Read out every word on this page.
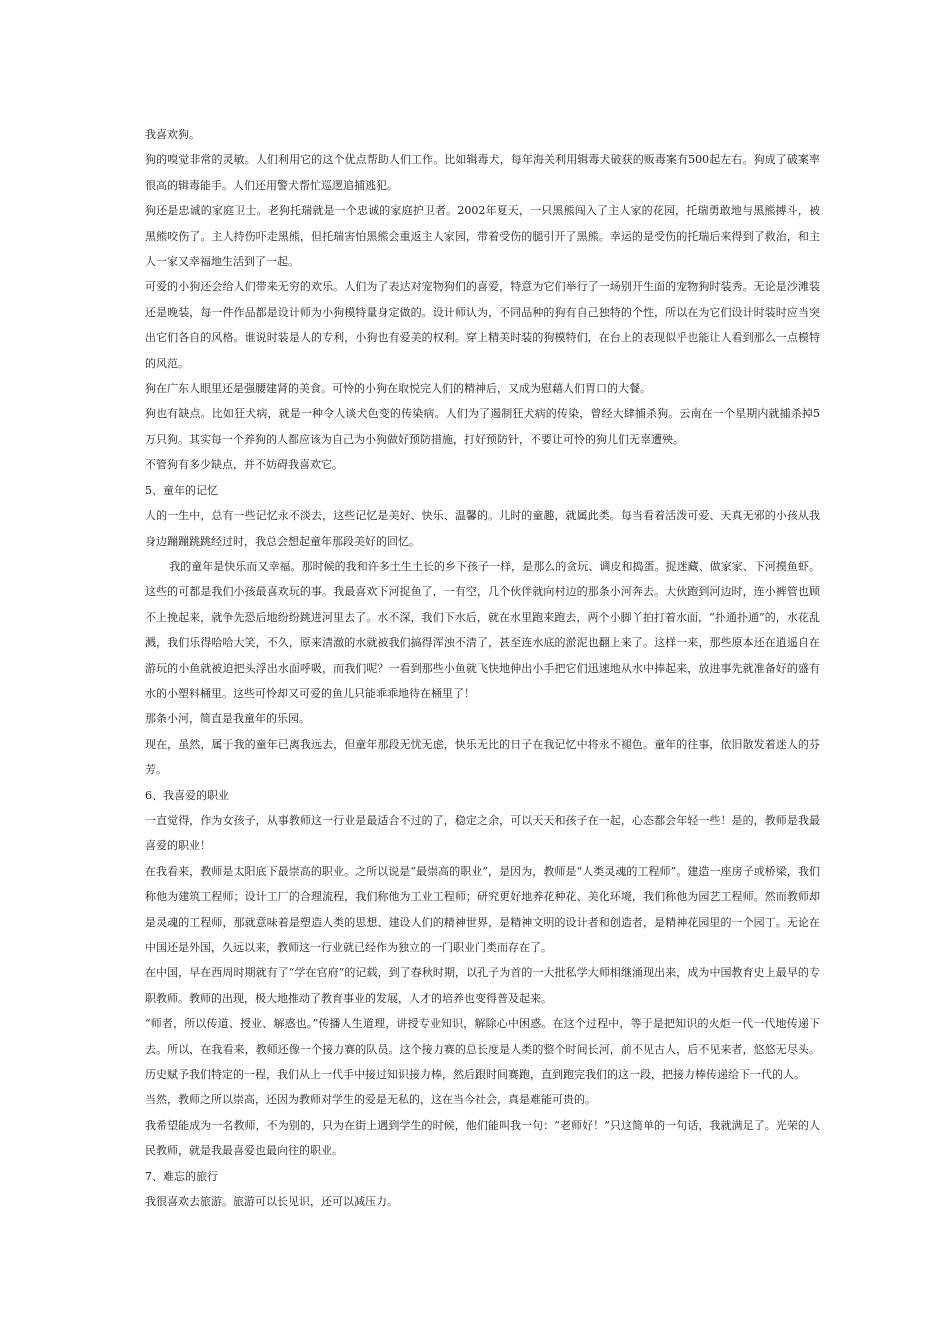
我喜欢狗。

狗的嗅觉非常的灵敏。人们利用它的这个优点帮助人们工作。比如辑毒犬，每年海关利用辑毒犬破获的贩毒案有500起左右。狗成了破案率很高的辑毒能手。人们还用警犬帮忙巡逻追捕逃犯。

狗还是忠诚的家庭卫士。老狗托瑞就是一个忠诚的家庭护卫者。2002年夏天，一只黑熊闯入了主人家的花园，托瑞勇敢地与黑熊搏斗，被黑熊咬伤了。主人持伤吓走黑熊，但托瑞害怕黑熊会重返主人家园，带着受伤的腿引开了黑熊。幸运的是受伤的托瑞后来得到了救治，和主人一家又幸福地生活到了一起。

可爱的小狗还会给人们带来无穷的欢乐。人们为了表达对宠物狗们的喜爱，特意为它们举行了一场别开生面的宠物狗时装秀。无论是沙滩装还是晚装，每一件作品都是设计师为小狗模特量身定做的。设计师认为，不同品种的狗有自己独特的个性，所以在为它们设计时装时应当突出它们各自的风格。谁说时装是人的专利，小狗也有爱美的权利。穿上精美时装的狗模特们，在台上的表现似乎也能让人看到那么一点模特的风范。

狗在广东人眼里还是强腰建肾的美食。可怜的小狗在取悦完人们的精神后，又成为慰藉人们胃口的大餐。

狗也有缺点。比如狂犬病，就是一种令人谈犬色变的传染病。人们为了遏制狂犬病的传染，曾经大肆捕杀狗。云南在一个星期内就捕杀掉5万只狗。其实每一个养狗的人都应该为自己为小狗做好预防措施，打好预防针，不要让可怜的狗儿们无辜遭殃。

不管狗有多少缺点，并不妨碍我喜欢它。

5、童年的记忆

人的一生中，总有一些记忆永不淡去，这些记忆是美好、快乐、温馨的。儿时的童趣，就属此类。每当看着活泼可爱、天真无邪的小孩从我身边蹦蹦跳跳经过时，我总会想起童年那段美好的回忆。

我的童年是快乐而又幸福。那时候的我和许多土生土长的乡下孩子一样，是那么的贪玩、调皮和捣蛋。捉迷藏、做家家、下河摸鱼虾。这些的可都是我们小孩最喜欢玩的事。我最喜欢下河捉鱼了，一有空，几个伙伴就向村边的那条小河奔去。大伙跑到河边时，连小裤管也顾不上挽起来，就争先恐后地纷纷跳进河里去了。水不深，我们下水后，就在水里跑来跑去，两个小脚丫拍打着水面，“扑通扑通”的，水花乱溅，我们乐得哈哈大笑，不久，原来清澈的水就被我们搞得浑浊不清了，甚至连水底的淤泥也翻上来了。这样一来，那些原本还在逍遥自在游玩的小鱼就被迫把头浮出水面呼吸，而我们呢？一看到那些小鱼就飞快地伸出小手把它们迅速地从水中捧起来，放进事先就准备好的盛有水的小塑料桶里。这些可怜却又可爱的鱼儿只能乖乖地待在桶里了！

那条小河，简直是我童年的乐园。

现在，虽然，属于我的童年已离我远去，但童年那段无忧无虑，快乐无比的日子在我记忆中将永不褪色。童年的往事，依旧散发着迷人的芬芳。

6、我喜爱的职业

一直觉得，作为女孩子，从事教师这一行业是最适合不过的了，稳定之余，可以天天和孩子在一起，心态都会年轻一些！是的，教师是我最喜爱的职业！

在我看来，教师是太阳底下最崇高的职业。之所以说是“最崇高的职业”，是因为，教师是“人类灵魂的工程师”。建造一座房子或桥梁，我们称他为建筑工程师；设计工厂的合理流程，我们称他为工业工程师；研究更好地养花种花、美化环境，我们称他为园艺工程师。然而教师却是灵魂的工程师，那就意味着是塑造人类的思想、建设人们的精神世界，是精神文明的设计者和创造者，是精神花园里的一个园丁。无论在中国还是外国，久远以来，教师这一行业就已经作为独立的一门职业门类而存在了。

在中国，早在西周时期就有了“学在官府”的记载，到了春秋时期，以孔子为首的一大批私学大师相继涌现出来，成为中国教育史上最早的专职教师。教师的出现，极大地推动了教育事业的发展，人才的培养也变得普及起来。

“师者，所以传道、授业、解惑也。”传播人生道理，讲授专业知识，解除心中困惑。在这个过程中，等于是把知识的火炬一代一代地传递下去。所以，在我看来，教师还像一个接力赛的队员。这个接力赛的总长度是人类的整个时间长河，前不见古人，后不见来者，悠悠无尽头。历史赋予我们特定的一程，我们从上一代手中接过知识接力棒，然后跟时间赛跑，直到跑完我们的这一段，把接力棒传递给下一代的人。

当然，教师之所以崇高，还因为教师对学生的爱是无私的，这在当今社会，真是难能可贵的。

我希望能成为一名教师，不为别的，只为在街上遇到学生的时候，他们能叫我一句：“老师好！”只这简单的一句话，我就满足了。光荣的人民教师，就是我最喜爱也最向往的职业。

7、难忘的旅行

我很喜欢去旅游。旅游可以长见识，还可以减压力。
